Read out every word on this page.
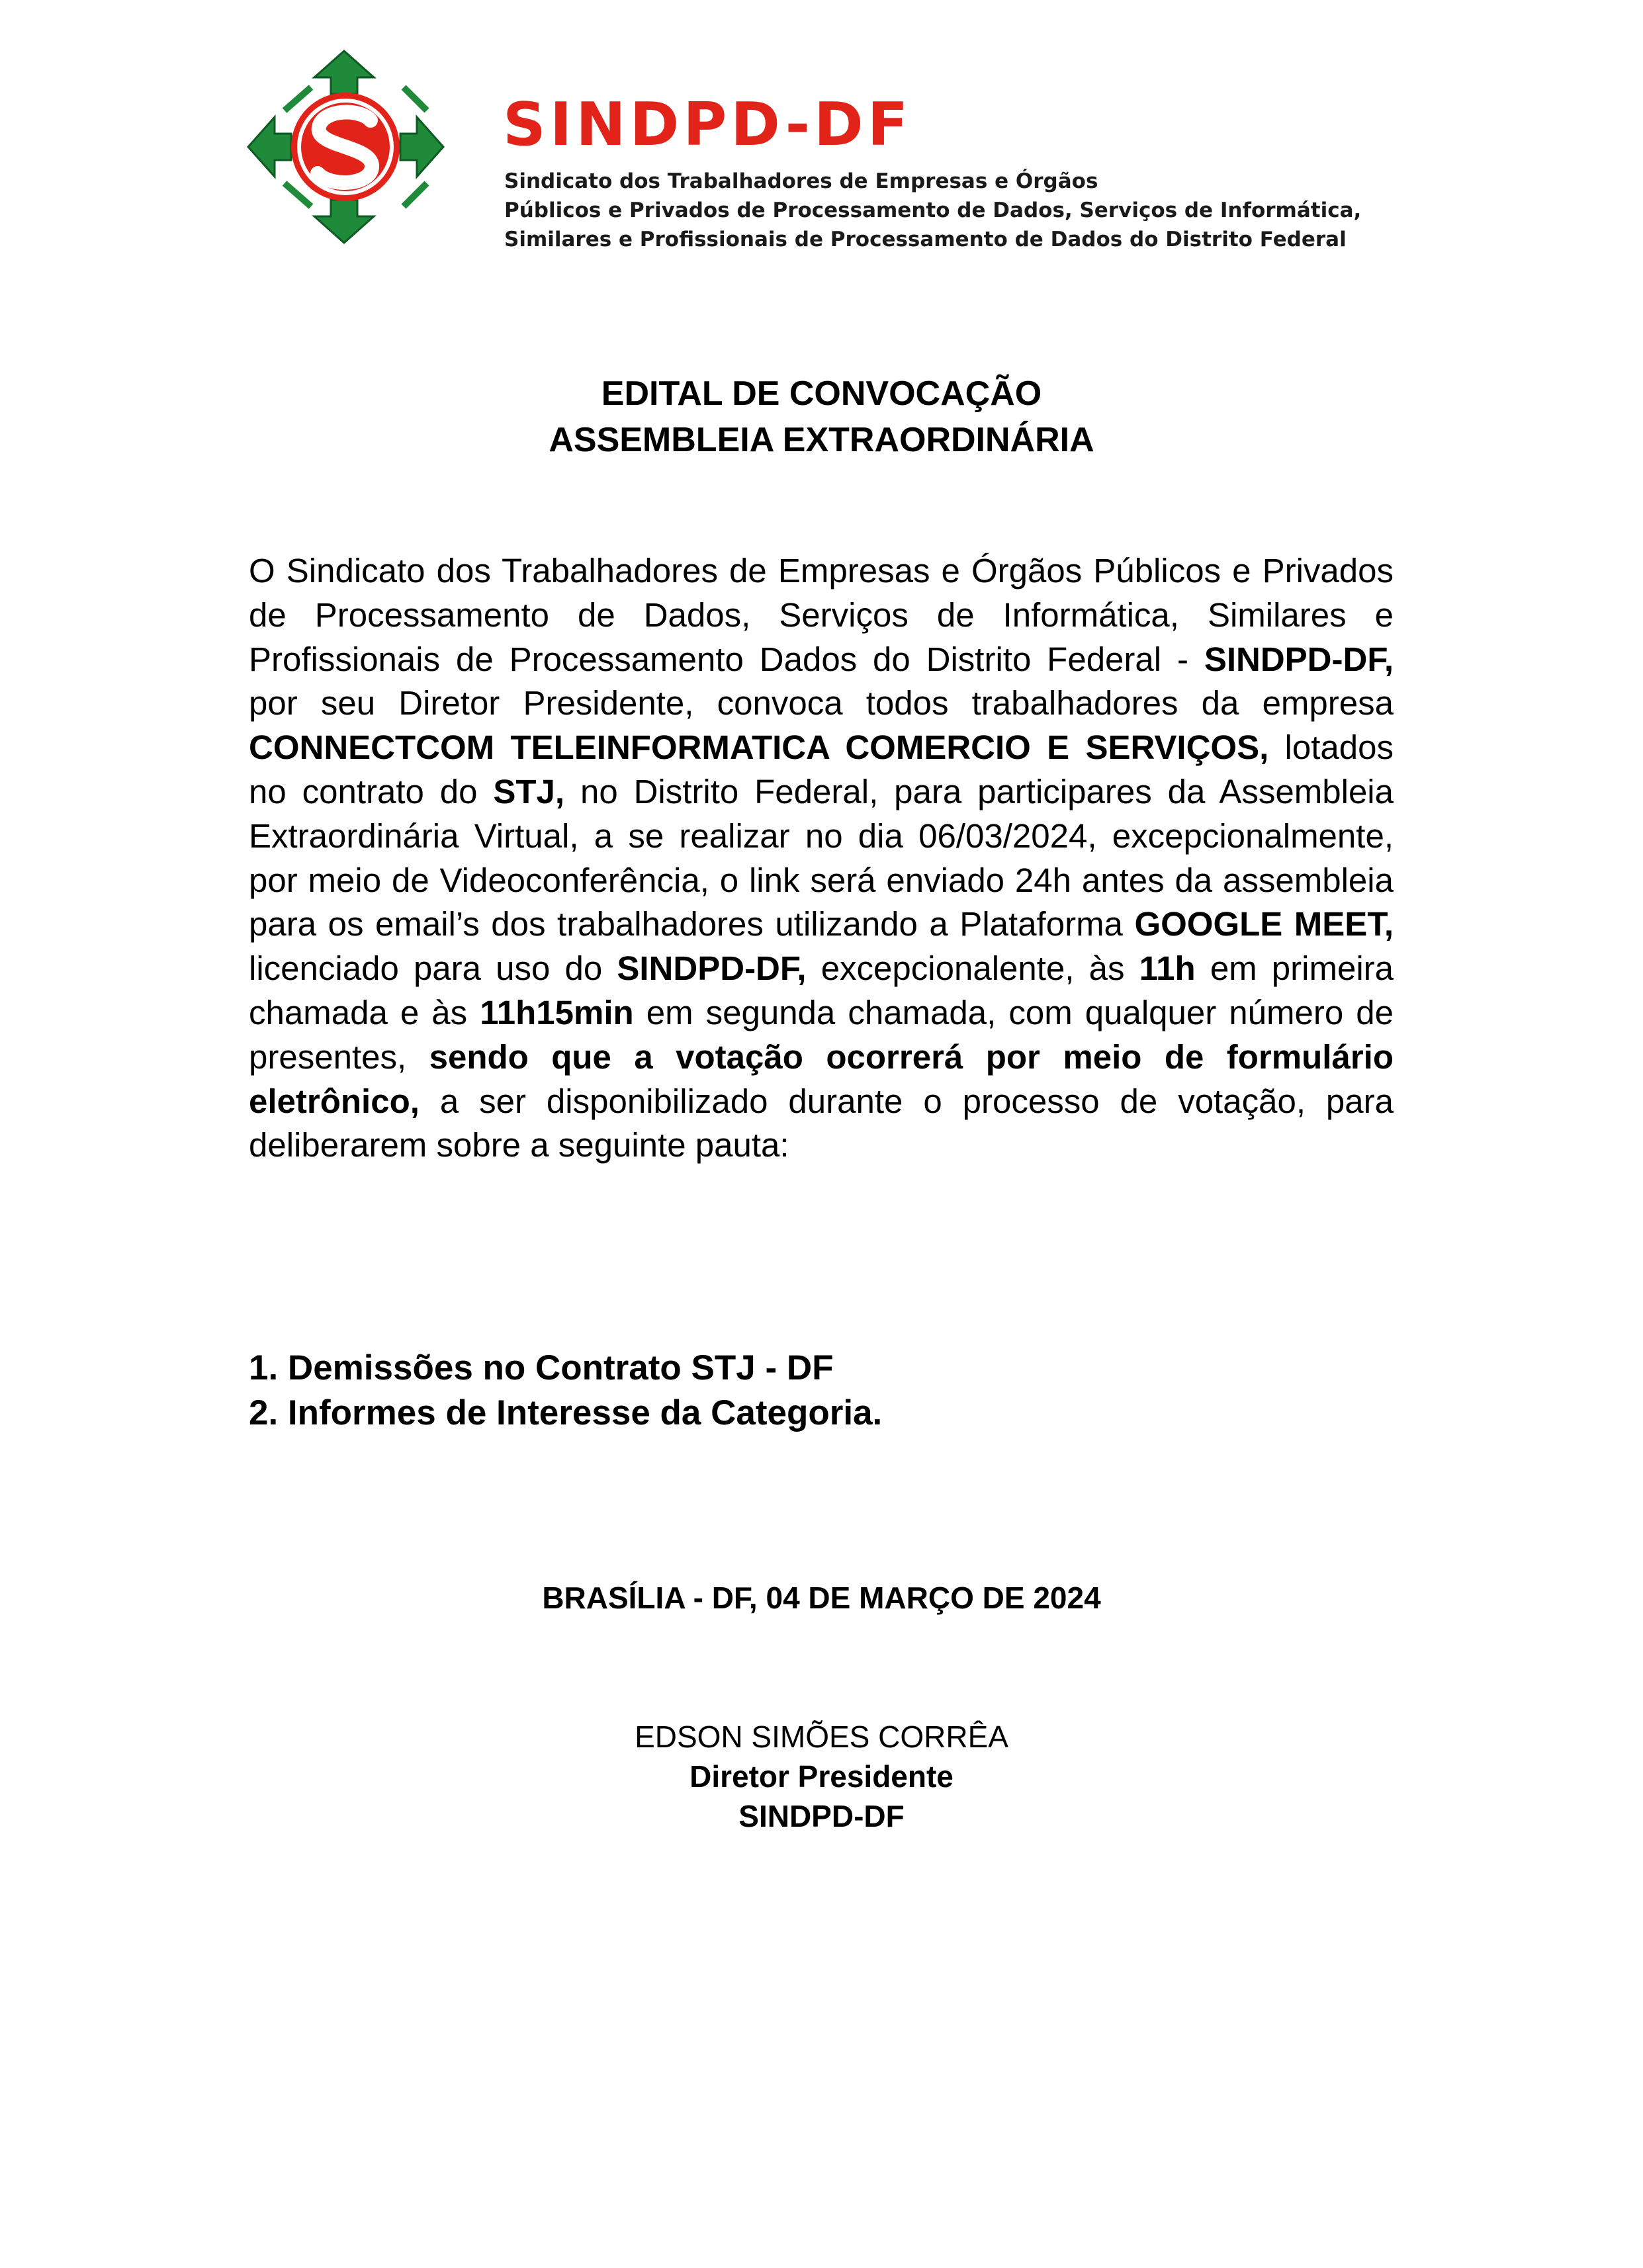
SINDPD-DF

Sindicato dos Trabalhadores de Empresas e Órgãos
Públicos e Privados de Processamento de Dados, Serviços de Informática,
Similares e Profissionais de Processamento de Dados do Distrito Federal

EDITAL DE CONVOCAÇÃO
ASSEMBLEIA EXTRAORDINÁRIA

O Sindicato dos Trabalhadores de Empresas e Órgãos Públicos e Privados de Processamento de Dados, Serviços de Informática, Similares e Profissionais de Processamento Dados do Distrito Federal - SINDPD-DF, por seu Diretor Presidente, convoca todos trabalhadores da empresa CONNECTCOM TELEINFORMATICA COMERCIO E SERVIÇOS, lotados no contrato do STJ, no Distrito Federal, para participares da Assembleia Extraordinária Virtual, a se realizar no dia 06/03/2024, excepcionalmente, por meio de Videoconferência, o link será enviado 24h antes da assembleia para os email’s dos trabalhadores utilizando a Plataforma GOOGLE MEET, licenciado para uso do SINDPD-DF, excepcionalente, às 11h em primeira chamada e às 11h15min em segunda chamada, com qualquer número de presentes, sendo que a votação ocorrerá por meio de formulário eletrônico, a ser disponibilizado durante o processo de votação, para deliberarem sobre a seguinte pauta:

1. Demissões no Contrato STJ - DF
2. Informes de Interesse da Categoria.
BRASÍLIA - DF, 04 DE MARÇO DE 2024
EDSON SIMÕES CORRÊA
Diretor Presidente
SINDPD-DF
